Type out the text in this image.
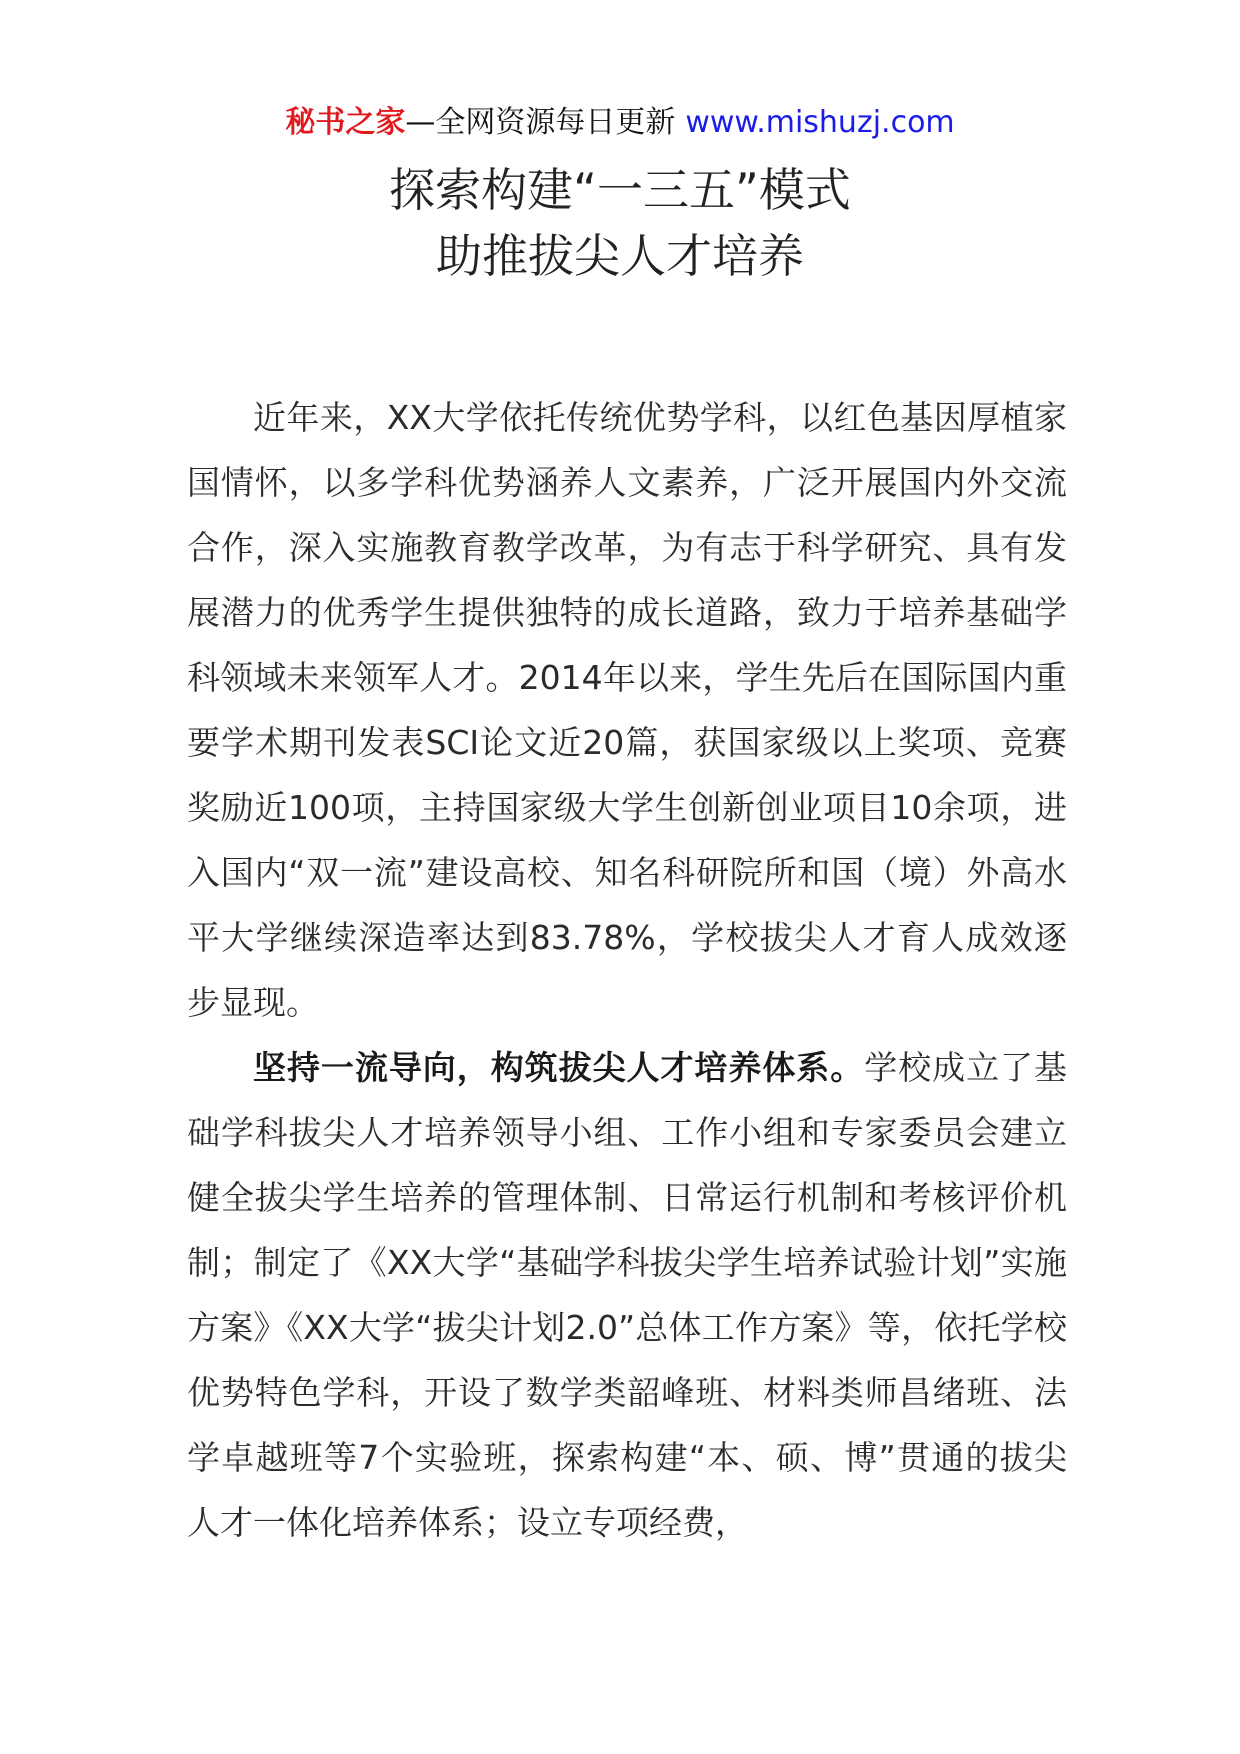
秘书之家—全网资源每日更新 www.mishuzj.com
探索构建“一三五”模式
助推拔尖人才培养

近年来，XX大学依托传统优势学科，以红色基因厚植家国情怀，以多学科优势涵养人文素养，广泛开展国内外交流合作，深入实施教育教学改革，为有志于科学研究、具有发展潜力的优秀学生提供独特的成长道路，致力于培养基础学科领域未来领军人才。2014年以来，学生先后在国际国内重要学术期刊发表SCI论文近20篇，获国家级以上奖项、竞赛奖励近100项，主持国家级大学生创新创业项目10余项，进入国内“双一流”建设高校、知名科研院所和国（境）外高水平大学继续深造率达到83.78%，学校拔尖人才育人成效逐步显现。

坚持一流导向，构筑拔尖人才培养体系。学校成立了基础学科拔尖人才培养领导小组、工作小组和专家委员会建立健全拔尖学生培养的管理体制、日常运行机制和考核评价机制；制定了《XX大学“基础学科拔尖学生培养试验计划”实施方案》《XX大学“拔尖计划2.0”总体工作方案》等，依托学校优势特色学科，开设了数学类韶峰班、材料类师昌绪班、法学卓越班等7个实验班，探索构建“本、硕、博”贯通的拔尖人才一体化培养体系；设立专项经费，
